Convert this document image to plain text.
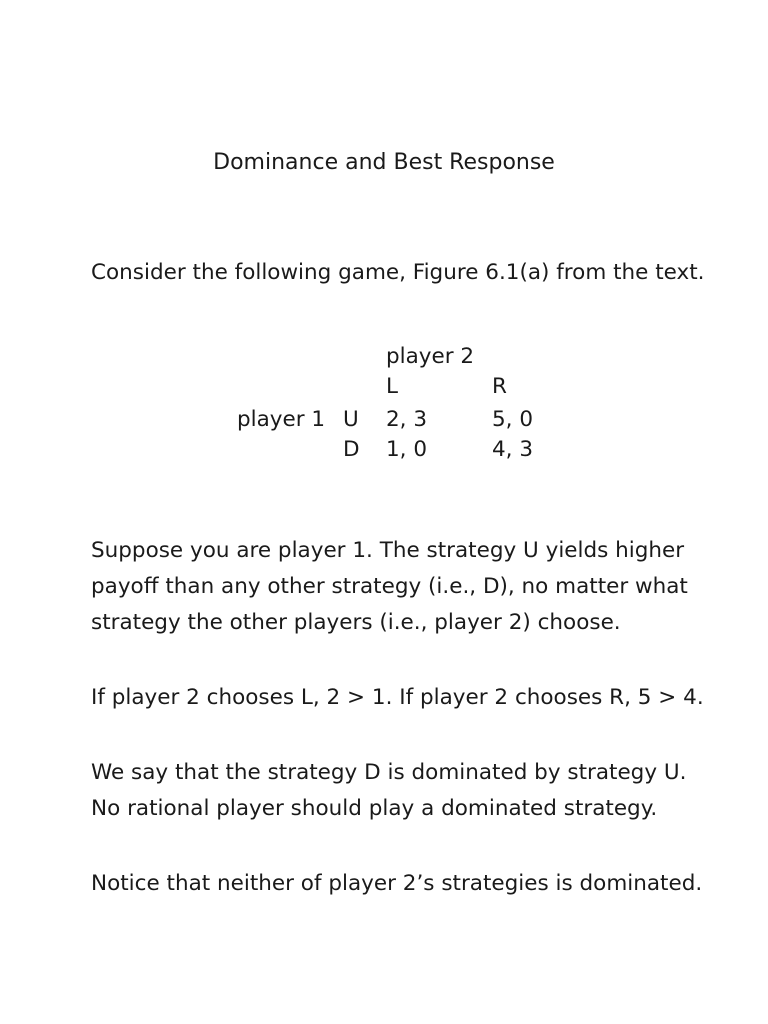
Dominance and Best Response
Consider the following game, Figure 6.1(a) from the text.
player 2
L	R
player 1 U 2, 3	5, 0
D 1, 0	4, 3
Suppose you are player 1. The strategy U yields higher
payoff than any other strategy (i.e., D), no matter what
strategy the other players (i.e., player 2) choose.
If player 2 chooses L, 2 > 1. If player 2 chooses R, 5 > 4.
We say that the strategy D is dominated by strategy U.
No rational player should play a dominated strategy.
Notice that neither of player 2’s strategies is dominated.
